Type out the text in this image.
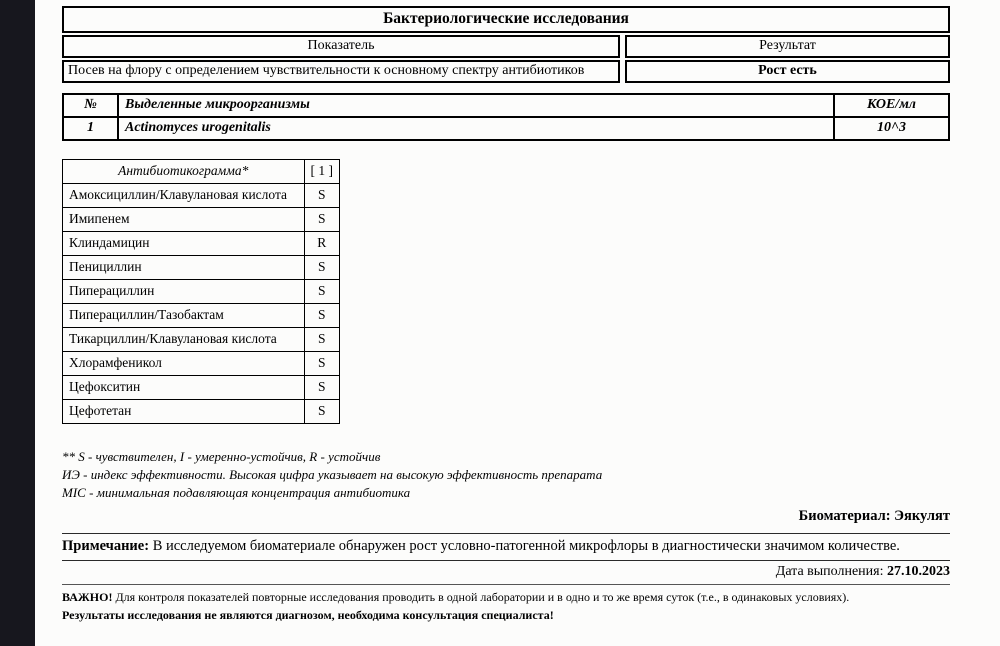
Бактериологические исследования
Показатель	Результат
Посев на флору с определением чувствительности к основному спектру антибиотиков	Рост есть
№	Выделенные микроорганизмы	КОЕ/мл
1	Actinomyces urogenitalis	10^3
Антибиотикограмма*	[ 1 ]
Амоксициллин/Клавулановая кислота	S
Имипенем	S
Клиндамицин	R
Пенициллин	S
Пиперациллин	S
Пиперациллин/Тазобактам	S
Тикарциллин/Клавулановая кислота	S
Хлорамфеникол	S
Цефокситин	S
Цефотетан	S
** S - чувствителен, I - умеренно-устойчив, R - устойчив
ИЭ - индекс эффективности. Высокая цифра указывает на высокую эффективность препарата
MIC - минимальная подавляющая концентрация антибиотика
Биоматериал: Эякулят
Примечание: В исследуемом биоматериале обнаружен рост условно-патогенной микрофлоры в диагностически значимом количестве.
Дата выполнения: 27.10.2023
ВАЖНО! Для контроля показателей повторные исследования проводить в одной лаборатории и в одно и то же время суток (т.е., в одинаковых условиях).
Результаты исследования не являются диагнозом, необходима консультация специалиста!
